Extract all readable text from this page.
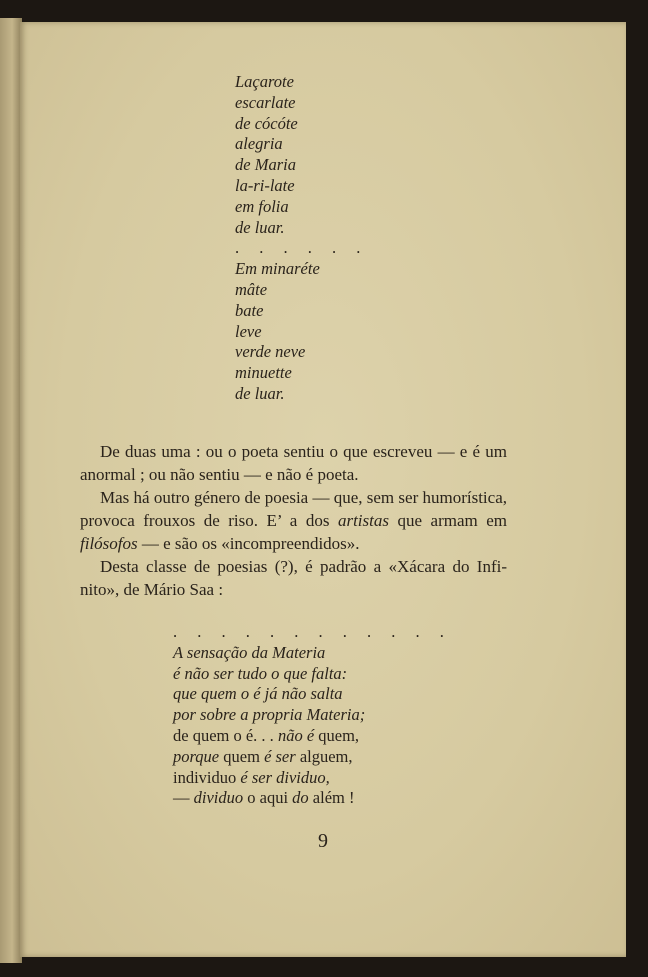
Laçarote
escarlate
de cócóte
alegria
de Maria
la-ri-late
em folia
de luar.
. . . . . .
Em minaréte
mâte
bate
leve
verde neve
minuette
de luar.

De duas uma : ou o poeta sentiu o que escreveu — e é um

anormal ; ou não sentiu — e não é poeta.

Mas há outro género de poesia — que, sem ser humorística,

provoca frouxos de riso. E’ a dos artistas que armam em

filósofos — e são os «incompreendidos».

Desta classe de poesias (?), é padrão a «Xácara do Infi-

nito», de Mário Saa :

. . . . . . . . . . . .
A sensação da Materia
é não ser tudo o que falta:
que quem o é já não salta
por sobre a propria Materia;
de quem o é. . . não é quem,
porque quem é ser alguem,
individuo é ser dividuo,
— dividuo o aqui do além !
9
